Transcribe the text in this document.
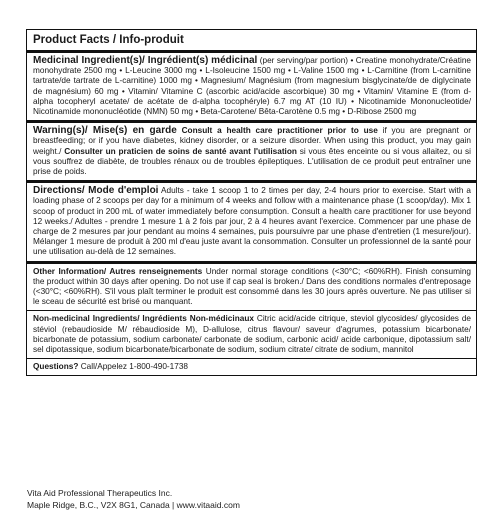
Product Facts / Info-produit
Medicinal Ingredient(s)/ Ingrédient(s) médicinal (per serving/par portion) • Creatine monohydrate/Créatine monohydrate 2500 mg • L-Leucine 3000 mg • L-Isoleucine 1500 mg • L-Valine 1500 mg • L-Carnitine (from L-carnitine tartrate/de tartrate de L-carnitine) 1000 mg • Magnesium/ Magnésium (from magnesium bisglycinate/de de diglycinate de magnésium) 60 mg • Vitamin/ Vitamine C (ascorbic acid/acide ascorbique) 30 mg • Vitamin/ Vitamine E (from d-alpha tocopheryl acetate/ de acétate de d-alpha tocophéryle) 6.7 mg AT (10 IU) • Nicotinamide Mononucleotide/ Nicotinamide mononucléotide (NMN) 50 mg • Beta-Carotene/ Bêta-Carotène 0.5 mg • D-Ribose 2500 mg
Warning(s)/ Mise(s) en garde Consult a health care practitioner prior to use if you are pregnant or breastfeeding; or if you have diabetes, kidney disorder, or a seizure disorder. When using this product, you may gain weight./ Consulter un praticien de soins de santé avant l'utilisation si vous êtes enceinte ou si vous allaitez, ou si vous souffrez de diabète, de troubles rénaux ou de troubles épileptiques. L'utilisation de ce produit peut entraîner une prise de poids.
Directions/ Mode d'emploi Adults - take 1 scoop 1 to 2 times per day, 2-4 hours prior to exercise. Start with a loading phase of 2 scoops per day for a minimum of 4 weeks and follow with a maintenance phase (1 scoop/day). Mix 1 scoop of product in 200 mL of water immediately before consumption. Consult a health care practitioner for use beyond 12 weeks./ Adultes - prendre 1 mesure 1 à 2 fois par jour, 2 à 4 heures avant l'exercice. Commencer par une phase de charge de 2 mesures par jour pendant au moins 4 semaines, puis poursuivre par une phase d'entretien (1 mesure/jour). Mélanger 1 mesure de produit à 200 ml d'eau juste avant la consommation. Consulter un professionnel de la santé pour une utilisation au-delà de 12 semaines.
Other Information/ Autres renseignements Under normal storage conditions (<30°C; <60%RH). Finish consuming the product within 30 days after opening. Do not use if cap seal is broken./ Dans des conditions normales d'entreposage (<30°C; <60%RH). S'il vous plaît terminer le produit est consommé dans les 30 jours après ouverture. Ne pas utiliser si le sceau de sécurité est brisé ou manquant.
Non-medicinal Ingredients/ Ingrédients Non-médicinaux Citric acid/acide citrique, steviol glycosides/ glycosides de stéviol (rebaudioside M/ rébaudioside M), D-allulose, citrus flavour/ saveur d'agrumes, potassium bicarbonate/ bicarbonate de potassium, sodium carbonate/ carbonate de sodium, carbonic acid/ acide carbonique, dipotassium salt/ sel dipotassique, sodium bicarbonate/bicarbonate de sodium, sodium citrate/ citrate de sodium, mannitol
Questions? Call/Appelez 1-800-490-1738
Vita Aid Professional Therapeutics Inc.
Maple Ridge, B.C., V2X 8G1, Canada | www.vitaaid.com
